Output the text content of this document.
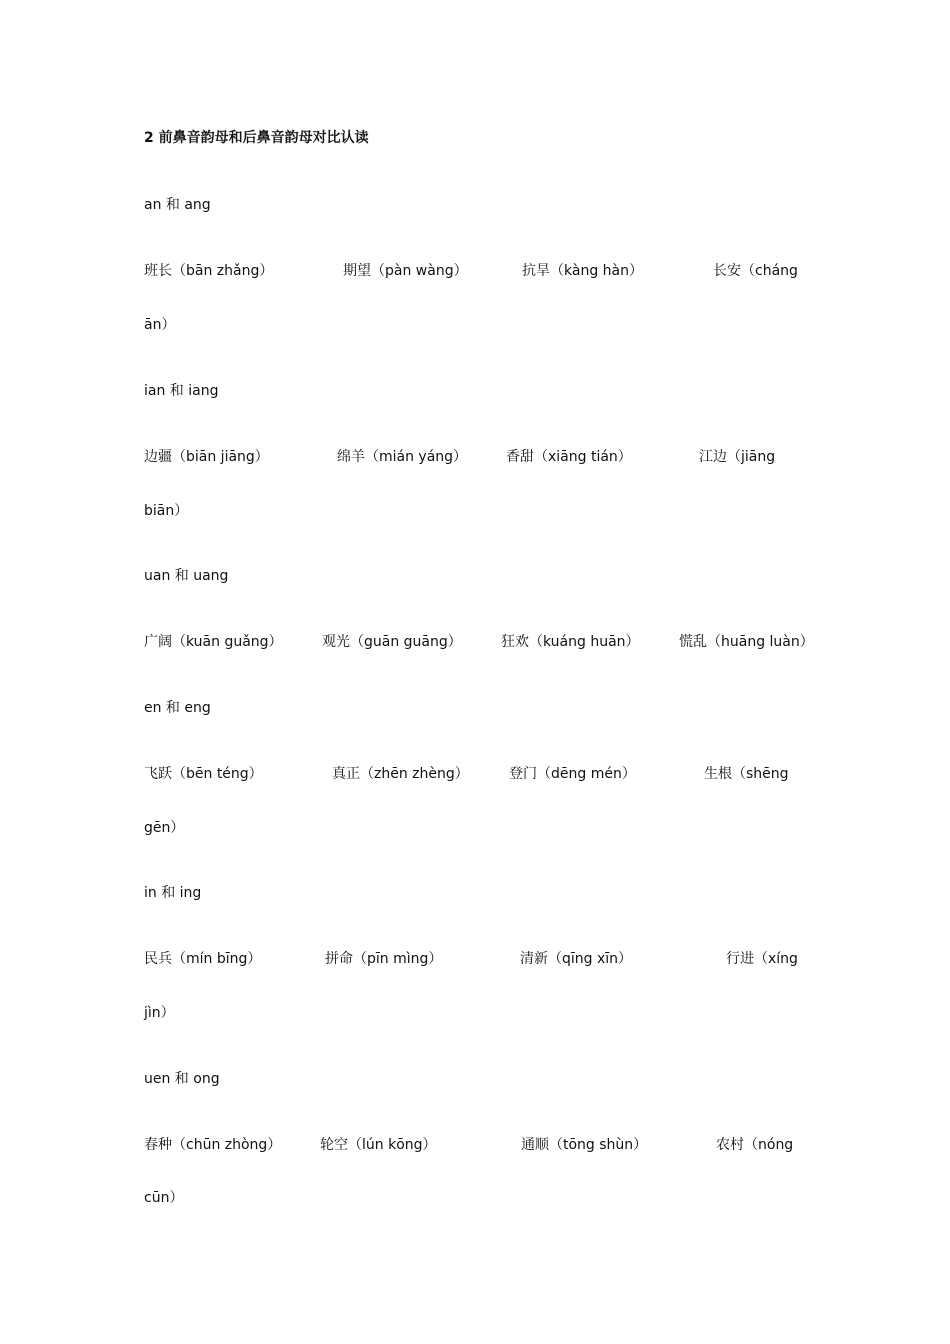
2 前鼻音韵母和后鼻音韵母对比认读
an 和 ang
班长（bān zhǎng）	期望（pàn wàng）	抗旱（kàng hàn）	长安（cháng
ān）
ian 和 iang
边疆（biān jiāng）	绵羊（mián yáng）	香甜（xiāng tián）	江边（jiāng
biān）
uan 和 uang
广阔（kuān guǎng）	观光（guān guāng）	狂欢（kuáng huān）	慌乱（huāng luàn）
en 和 eng
飞跃（bēn téng）	真正（zhēn zhèng）	登门（dēng mén）	生根（shēng
gēn）
in 和 ing
民兵（mín bīng）	拼命（pīn mìng）	清新（qīng xīn）	行进（xíng
jìn）
uen 和 ong
春种（chūn zhòng）	轮空（lún kōng）	通顺（tōng shùn）	农村（nóng
cūn）
